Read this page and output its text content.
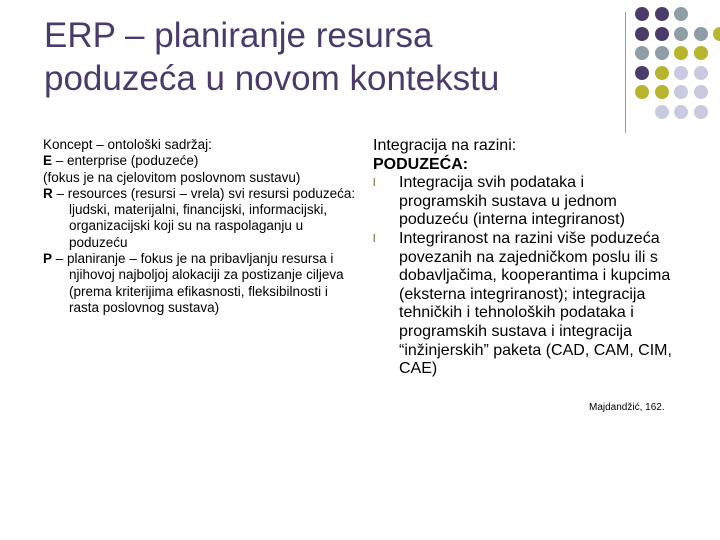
ERP – planiranje resursa
poduzeća u novom kontekstu

Koncept – ontološki sadržaj:

E – enterprise (poduzeće)

(fokus je na cjelovitom poslovnom sustavu)

R – resources (resursi – vrela) svi resursi poduzeća: ljudski, materijalni, financijski, informacijski, organizacijski koji su na raspolaganju u poduzeću

P – planiranje – fokus je na pribavljanju resursa i njihovoj najboljoj alokaciji za postizanje ciljeva (prema kriterijima efikasnosti, fleksibilnosti i rasta poslovnog sustava)

Integracija na razini:

PODUZEĆA:

l Integracija svih podataka i programskih sustava u jednom poduzeću (interna integriranost)

l Integriranost na razini više poduzeća povezanih na zajedničkom poslu ili s dobavljačima, kooperantima i kupcima (eksterna integriranost); integracija tehničkih i tehnoloških podataka i programskih sustava i integracija “inžinjerskih” paketa (CAD, CAM, CIM, CAE)

Majdandžić, 162.
